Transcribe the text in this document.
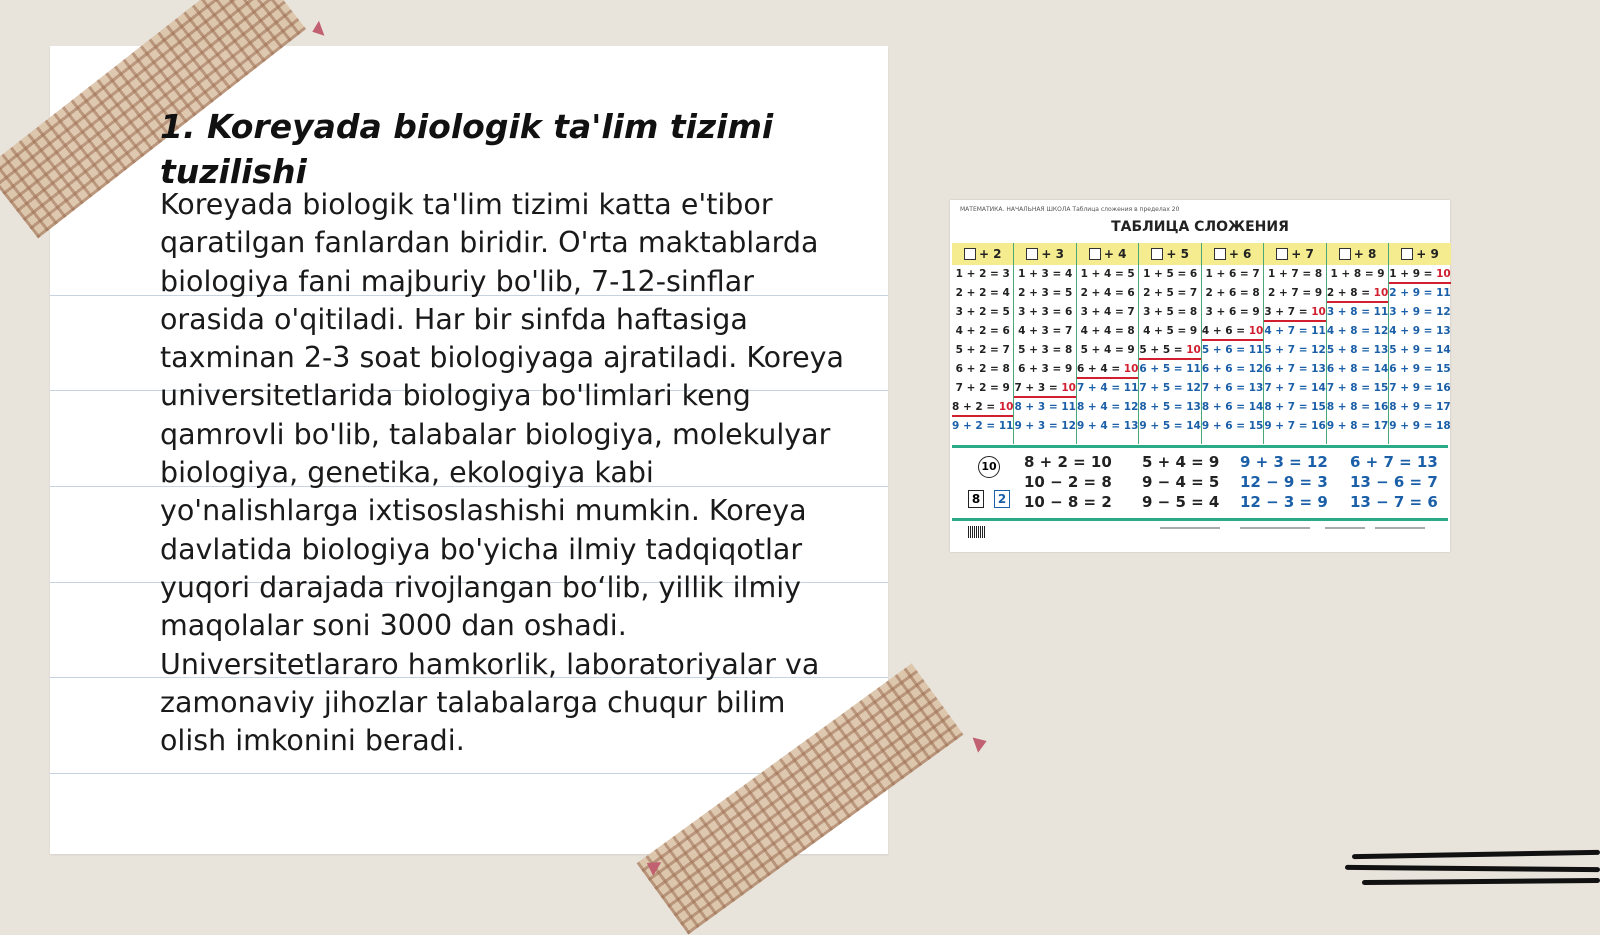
1. Koreyada biologik ta'lim tizimi tuzilishi

Koreyada biologik ta'lim tizimi katta e'tibor qaratilgan fanlardan biridir. O'rta maktablarda biologiya fani majburiy bo'lib, 7-12-sinflar orasida o'qitiladi. Har bir sinfda haftasiga taxminan 2-3 soat biologiyaga ajratiladi. Koreya universitetlarida biologiya bo'limlari keng qamrovli bo'lib, talabalar biologiya, molekulyar biologiya, genetika, ekologiya kabi yo'nalishlarga ixtisoslashishi mumkin. Koreya davlatida biologiya bo'yicha ilmiy tadqiqotlar yuqori darajada rivojlangan bo‘lib, yillik ilmiy maqolalar soni 3000 dan oshadi. Universitetlararo hamkorlik, laboratoriyalar va zamonaviy jihozlar talabalarga chuqur bilim olish imkonini beradi.

МАТЕМАТИКА. НАЧАЛЬНАЯ ШКОЛА Таблица сложения в пределах 20
ТАБЛИЦА СЛОЖЕНИЯ
+ 2
1 + 2 = 3
2 + 2 = 4
3 + 2 = 5
4 + 2 = 6
5 + 2 = 7
6 + 2 = 8
7 + 2 = 9
8 + 2 = 10
9 + 2 = 11
+ 3
1 + 3 = 4
2 + 3 = 5
3 + 3 = 6
4 + 3 = 7
5 + 3 = 8
6 + 3 = 9
7 + 3 = 10
8 + 3 = 11
9 + 3 = 12
+ 4
1 + 4 = 5
2 + 4 = 6
3 + 4 = 7
4 + 4 = 8
5 + 4 = 9
6 + 4 = 10
7 + 4 = 11
8 + 4 = 12
9 + 4 = 13
+ 5
1 + 5 = 6
2 + 5 = 7
3 + 5 = 8
4 + 5 = 9
5 + 5 = 10
6 + 5 = 11
7 + 5 = 12
8 + 5 = 13
9 + 5 = 14
+ 6
1 + 6 = 7
2 + 6 = 8
3 + 6 = 9
4 + 6 = 10
5 + 6 = 11
6 + 6 = 12
7 + 6 = 13
8 + 6 = 14
9 + 6 = 15
+ 7
1 + 7 = 8
2 + 7 = 9
3 + 7 = 10
4 + 7 = 11
5 + 7 = 12
6 + 7 = 13
7 + 7 = 14
8 + 7 = 15
9 + 7 = 16
+ 8
1 + 8 = 9
2 + 8 = 10
3 + 8 = 11
4 + 8 = 12
5 + 8 = 13
6 + 8 = 14
7 + 8 = 15
8 + 8 = 16
9 + 8 = 17
+ 9
1 + 9 = 10
2 + 9 = 11
3 + 9 = 12
4 + 9 = 13
5 + 9 = 14
6 + 9 = 15
7 + 9 = 16
8 + 9 = 17
9 + 9 = 18
10
8	2
8 + 2 = 10
10 − 2 = 8
10 − 8 = 2
5 + 4 = 9
9 − 4 = 5
9 − 5 = 4
9 + 3 = 12
12 − 9 = 3
12 − 3 = 9
6 + 7 = 13
13 − 6 = 7
13 − 7 = 6
